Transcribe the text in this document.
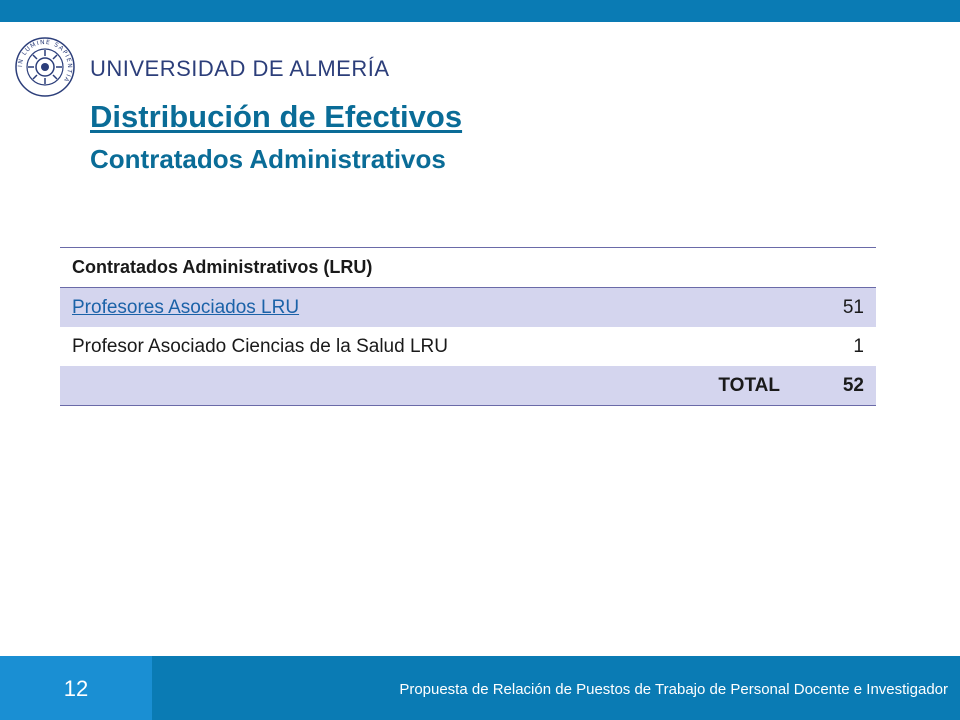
IN LUMINE SAPIENTIA UNIVERSIDAD DE ALMERÍA
Distribución de Efectivos
Contratados Administrativos
Contratados Administrativos (LRU)	
Profesores Asociados LRU	51
Profesor Asociado Ciencias de la Salud LRU	1
TOTAL	52
12	Propuesta de Relación de Puestos de Trabajo de Personal Docente e Investigador
